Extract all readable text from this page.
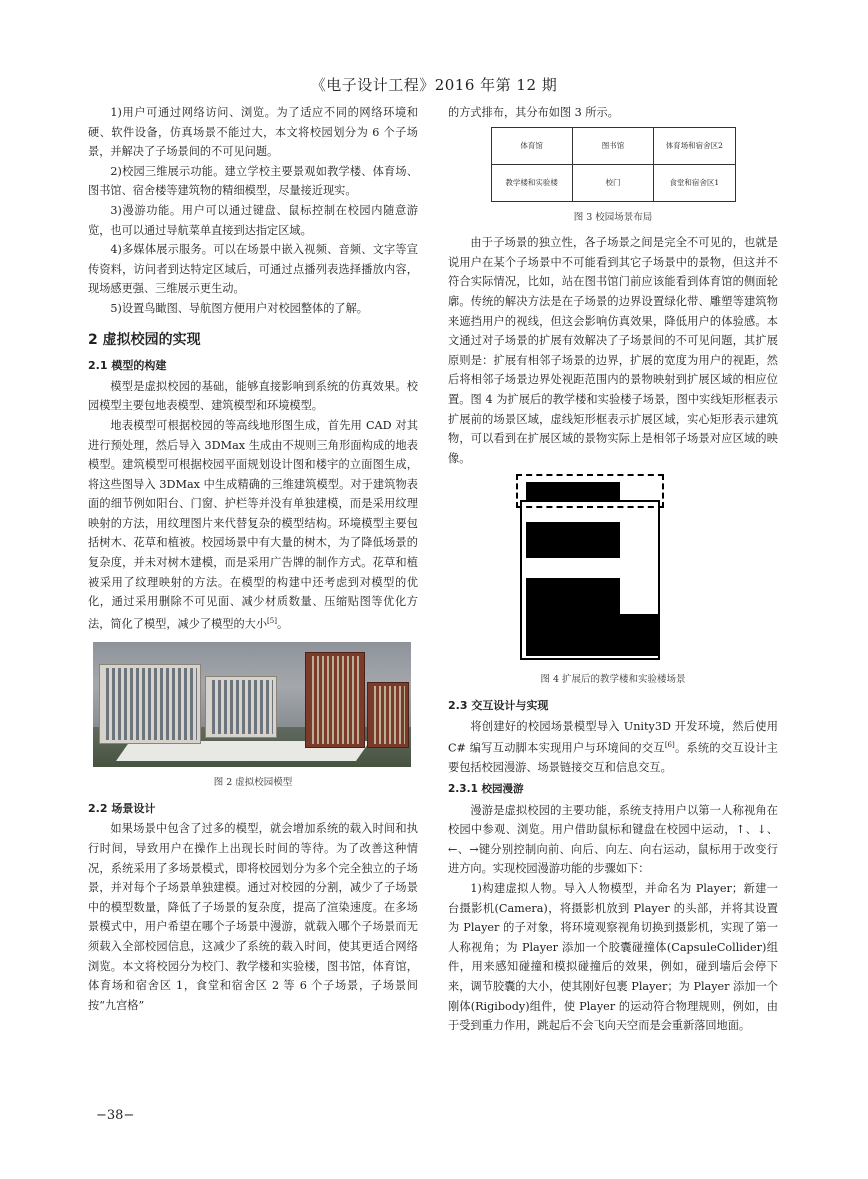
《电子设计工程》2016 年第 12 期

1)用户可通过网络访问、浏览。为了适应不同的网络环境和硬、软件设备，仿真场景不能过大，本文将校园划分为 6 个子场景，并解决了子场景间的不可见问题。

2)校园三维展示功能。建立学校主要景观如教学楼、体育场、图书馆、宿舍楼等建筑物的精细模型，尽量接近现实。

3)漫游功能。用户可以通过键盘、鼠标控制在校园内随意游览，也可以通过导航菜单直接到达指定区域。

4)多媒体展示服务。可以在场景中嵌入视频、音频、文字等宣传资料，访问者到达特定区域后，可通过点播列表选择播放内容，现场感更强、三维展示更生动。

5)设置鸟瞰图、导航图方便用户对校园整体的了解。

2 虚拟校园的实现
2.1 模型的构建

模型是虚拟校园的基础，能够直接影响到系统的仿真效果。校园模型主要包地表模型、建筑模型和环境模型。

地表模型可根据校园的等高线地形图生成，首先用 CAD 对其进行预处理，然后导入 3DMax 生成由不规则三角形面构成的地表模型。建筑模型可根据校园平面规划设计图和楼宇的立面图生成，将这些图导入 3DMax 中生成精确的三维建筑模型。对于建筑物表面的细节例如阳台、门窗、护栏等并没有单独建模，而是采用纹理映射的方法，用纹理图片来代替复杂的模型结构。环境模型主要包括树木、花草和植被。校园场景中有大量的树木，为了降低场景的复杂度，并未对树木建模，而是采用广告牌的制作方式。花草和植被采用了纹理映射的方法。在模型的构建中还考虑到对模型的优化，通过采用删除不可见面、减少材质数量、压缩贴图等优化方法，简化了模型，减少了模型的大小[5]。

图 2 虚拟校园模型
2.2 场景设计

如果场景中包含了过多的模型，就会增加系统的载入时间和执行时间，导致用户在操作上出现长时间的等待。为了改善这种情况，系统采用了多场景模式，即将校园划分为多个完全独立的子场景，并对每个子场景单独建模。通过对校园的分割，减少了子场景中的模型数量，降低了子场景的复杂度，提高了渲染速度。在多场景模式中，用户希望在哪个子场景中漫游，就载入哪个子场景而无须载入全部校园信息，这减少了系统的载入时间，使其更适合网络浏览。本文将校园分为校门、教学楼和实验楼，图书馆，体育馆，体育场和宿舍区 1，食堂和宿舍区 2 等 6 个子场景，子场景间按“九宫格”

的方式排布，其分布如图 3 所示。

体育馆	图书馆	体育场和宿舍区2
教学楼和实验楼	校门	食堂和宿舍区1
图 3 校园场景布局

由于子场景的独立性，各子场景之间是完全不可见的，也就是说用户在某个子场景中不可能看到其它子场景中的景物，但这并不符合实际情况，比如，站在图书馆门前应该能看到体育馆的侧面轮廓。传统的解决方法是在子场景的边界设置绿化带、雕塑等建筑物来遮挡用户的视线，但这会影响仿真效果，降低用户的体验感。本文通过对子场景的扩展有效解决了子场景间的不可见问题，其扩展原则是：扩展有相邻子场景的边界，扩展的宽度为用户的视距，然后将相邻子场景边界处视距范围内的景物映射到扩展区域的相应位置。图 4 为扩展后的教学楼和实验楼子场景，图中实线矩形框表示扩展前的场景区域，虚线矩形框表示扩展区域，实心矩形表示建筑物，可以看到在扩展区域的景物实际上是相邻子场景对应区域的映像。

图 4 扩展后的教学楼和实验楼场景
2.3 交互设计与实现

将创建好的校园场景模型导入 Unity3D 开发环境，然后使用 C# 编写互动脚本实现用户与环境间的交互[6]。系统的交互设计主要包括校园漫游、场景链接交互和信息交互。

2.3.1 校园漫游

漫游是虚拟校园的主要功能，系统支持用户以第一人称视角在校园中参观、浏览。用户借助鼠标和键盘在校园中运动，↑、↓、←、→键分别控制向前、向后、向左、向右运动，鼠标用于改变行进方向。实现校园漫游功能的步骤如下：

1)构建虚拟人物。导入人物模型，并命名为 Player；新建一台摄影机(Camera)，将摄影机放到 Player 的头部，并将其设置为 Player 的子对象，将环境观察视角切换到摄影机，实现了第一人称视角；为 Player 添加一个胶囊碰撞体(CapsuleCollider)组件，用来感知碰撞和模拟碰撞后的效果，例如，碰到墙后会停下来，调节胶囊的大小，使其刚好包裹 Player；为 Player 添加一个刚体(Rigibody)组件，使 Player 的运动符合物理规则，例如，由于受到重力作用，跳起后不会飞向天空而是会重新落回地面。

−38−
